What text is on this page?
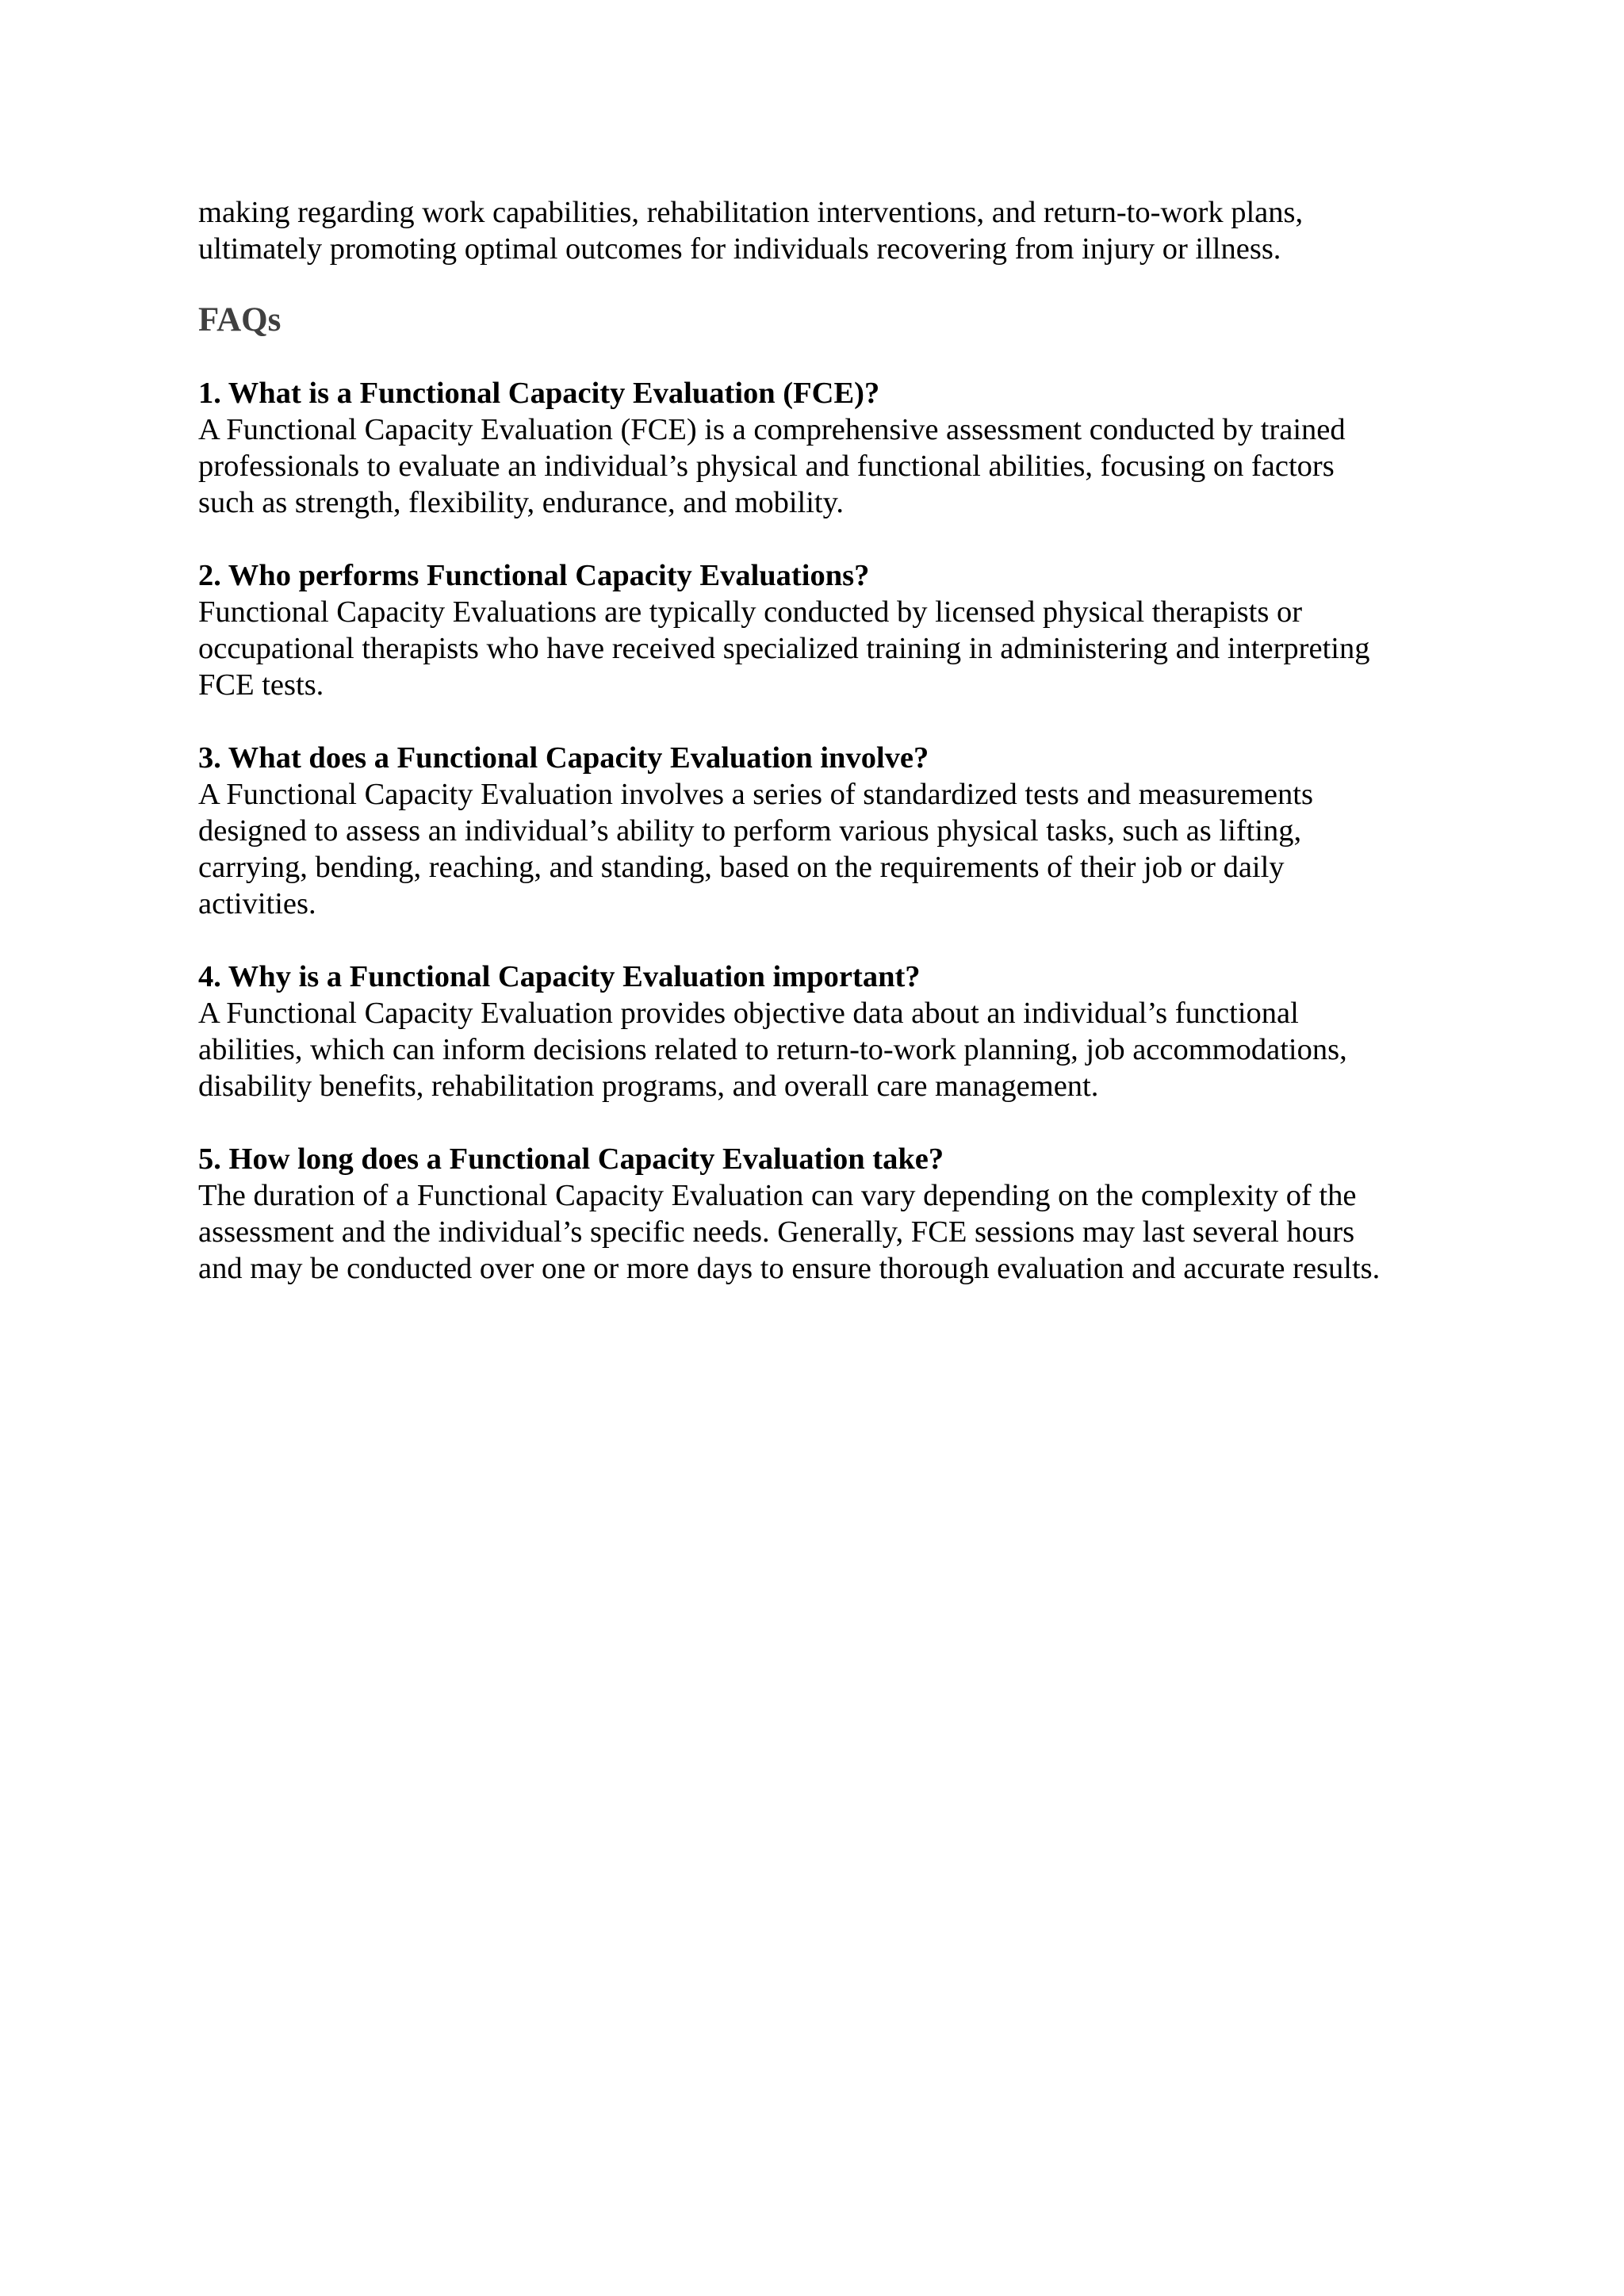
making regarding work capabilities, rehabilitation interventions, and return-to-work plans,
ultimately promoting optimal outcomes for individuals recovering from injury or illness.

FAQs

1. What is a Functional Capacity Evaluation (FCE)?

A Functional Capacity Evaluation (FCE) is a comprehensive assessment conducted by trained
professionals to evaluate an individual’s physical and functional abilities, focusing on factors
such as strength, flexibility, endurance, and mobility.

2. Who performs Functional Capacity Evaluations?

Functional Capacity Evaluations are typically conducted by licensed physical therapists or
occupational therapists who have received specialized training in administering and interpreting
FCE tests.

3. What does a Functional Capacity Evaluation involve?

A Functional Capacity Evaluation involves a series of standardized tests and measurements
designed to assess an individual’s ability to perform various physical tasks, such as lifting,
carrying, bending, reaching, and standing, based on the requirements of their job or daily
activities.

4. Why is a Functional Capacity Evaluation important?

A Functional Capacity Evaluation provides objective data about an individual’s functional
abilities, which can inform decisions related to return-to-work planning, job accommodations,
disability benefits, rehabilitation programs, and overall care management.

5. How long does a Functional Capacity Evaluation take?

The duration of a Functional Capacity Evaluation can vary depending on the complexity of the
assessment and the individual’s specific needs. Generally, FCE sessions may last several hours
and may be conducted over one or more days to ensure thorough evaluation and accurate results.
